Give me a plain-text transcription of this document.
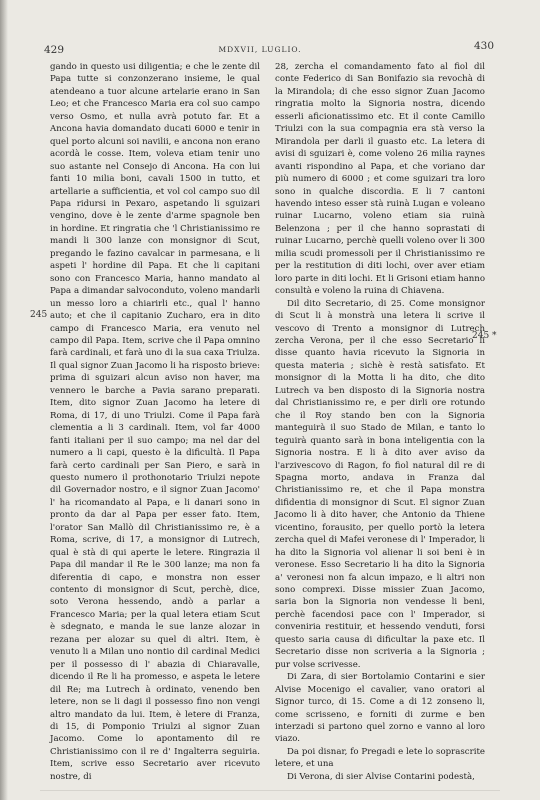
429	MDXVII, LUGLIO.	430
245
245 *

gando in questo usi diligentia; e che le zente dil Papa tutte si conzonzerano insieme, le qual atendeano a tuor alcune artelarie erano in San Leo; et che Francesco Maria era col suo campo verso Osmo, et nulla avrà potuto far. Et a Ancona havia domandato ducati 6000 e tenir in quel porto alcuni soi navilii, e ancona non erano acordà le cosse. Item, voleva etiam tenir uno suo astante nel Consejo di Ancona. Ha con lui fanti 10 milia boni, cavali 1500 in tutto, et artellarie a sufficientia, et vol col campo suo dil Papa ridursi in Pexaro, aspetando li sguizari vengino, dove è le zente d'arme spagnole ben in hordine. Et ringratia che 'l Christianissimo re mandi li 300 lanze con monsignor di Scut, pregando le fazino cavalcar in parmesana, e li aspeti l' hordine dil Papa. Et che li capitani sono con Francesco Maria, hanno mandato al Papa a dimandar salvoconduto, voleno mandarli un messo loro a chiarirli etc., qual l' hanno auto; et che il capitanio Zucharo, era in dito campo di Francesco Maria, era venuto nel campo dil Papa. Item, scrive che il Papa omnino farà cardinali, et farà uno di la sua caxa Triulza. Il qual signor Zuan Jacomo li ha risposto brieve: prima di sguizari alcun aviso non haver, ma vennero le barche a Pavia sarano preparati. Item, dito signor Zuan Jacomo ha letere di Roma, di 17, di uno Triulzi. Come il Papa farà clementia a li 3 cardinali. Item, vol far 4000 fanti italiani per il suo campo; ma nel dar del numero a li capi, questo è la dificultà. Il Papa farà certo cardinali per San Piero, e sarà in questo numero il prothonotario Triulzi nepote dil Governador nostro, e il signor Zuan Jacomo' l' ha ricomandato al Papa, e li danari sono in pronto da dar al Papa per esser fato. Item, l'orator San Mallò dil Christianissimo re, è a Roma, scrive, di 17, a monsignor di Lutrech, qual è stà di qui aperte le letere. Ringrazia il Papa dil mandar il Re le 300 lanze; ma non fa diferentia di capo, e monstra non esser contento di monsignor di Scut, perchè, dice, soto Verona hessendo, andò a parlar a Francesco Maria; per la qual letera etiam Scut è sdegnato, e manda le sue lanze alozar in rezana per alozar su quel di altri. Item, è venuto li a Milan uno nontio dil cardinal Medici per il possesso di l' abazia di Chiaravalle, dicendo il Re li ha promesso, e aspeta le letere dil Re; ma Lutrech à ordinato, venendo ben letere, non se li dagi il possesso fino non vengi altro mandato da lui. Item, è letere di Franza, di 15, di Pomponio Triulzi al signor Zuan Jacomo. Come lo apontamento dil re Christianissimo con il re d' Ingalterra seguiria. Item, scrive esso Secretario aver ricevuto nostre, di

28, zercha el comandamento fato al fiol dil conte Federico di San Bonifazio sia revochà di la Mirandola; di che esso signor Zuan Jacomo ringratia molto la Signoria nostra, dicendo esserli aficionatissimo etc. Et il conte Camillo Triulzi con la sua compagnia era stà verso la Mirandola per darli il guasto etc. La letera di avisi di sguizari è, come voleno 26 milia raynes avanti rispondino al Papa, et che voriano dar più numero di 6000 ; et come sguizari tra loro sono in qualche discordia. E li 7 cantoni havendo inteso esser stà ruinà Lugan e voleano ruinar Lucarno, voleno etiam sia ruinà Belenzona ; per il che hanno soprastati di ruinar Lucarno, perchè quelli voleno over li 300 milia scudi promessoli per il Christianissimo re per la restitution di diti lochi, over aver etiam loro parte in diti lochi. Et li Grisoni etiam hanno consultà e voleno la ruina di Chiavena.

Dil dito Secretario, di 25. Come monsignor di Scut li à monstrà una letera li scrive il vescovo di Trento a monsignor di Lutrech zercha Verona, per il che esso Secretario li disse quanto havia ricevuto la Signoria in questa materia ; sichè è restà satisfato. Et monsignor di la Motta li ha dito, che dito Lutrech va ben disposto di la Signoria nostra dal Christianissimo re, e per dirli ore rotundo che il Roy stando ben con la Signoria manteguirà il suo Stado de Milan, e tanto lo teguirà quanto sarà in bona inteligentia con la Signoria nostra. E li à dito aver aviso da l'arzivescovo di Ragon, fo fiol natural dil re di Spagna morto, andava in Franza dal Christianissimo re, et che il Papa monstra difidentia di monsignor di Scut. El signor Zuan Jacomo li à dito haver, che Antonio da Thiene vicentino, forausito, per quello portò la letera zercha quel di Mafei veronese di l' Imperador, li ha dito la Signoria vol alienar li soi beni è in veronese. Esso Secretario li ha dito la Signoria a' veronesi non fa alcun impazo, e li altri non sono comprexi. Disse missier Zuan Jacomo, saria bon la Signoria non vendesse li beni, perchè facendosi pace con l' Imperador, si conveniria restituir, et hessendo venduti, forsi questo saria causa di dificultar la paxe etc. Il Secretario disse non scriveria a la Signoria ; pur volse scrivesse.

Di Zara, di sier Bortolamio Contarini e sier Alvise Mocenigo el cavalier, vano oratori al Signor turco, di 15. Come a di 12 zonseno li, come scrisseno, e forniti di zurme e ben interzadi si partono quel zorno e vanno al loro viazo.

Da poi disnar, fo Pregadi e lete lo soprascrite letere, et una

Di Verona, di sier Alvise Contarini podestà,
